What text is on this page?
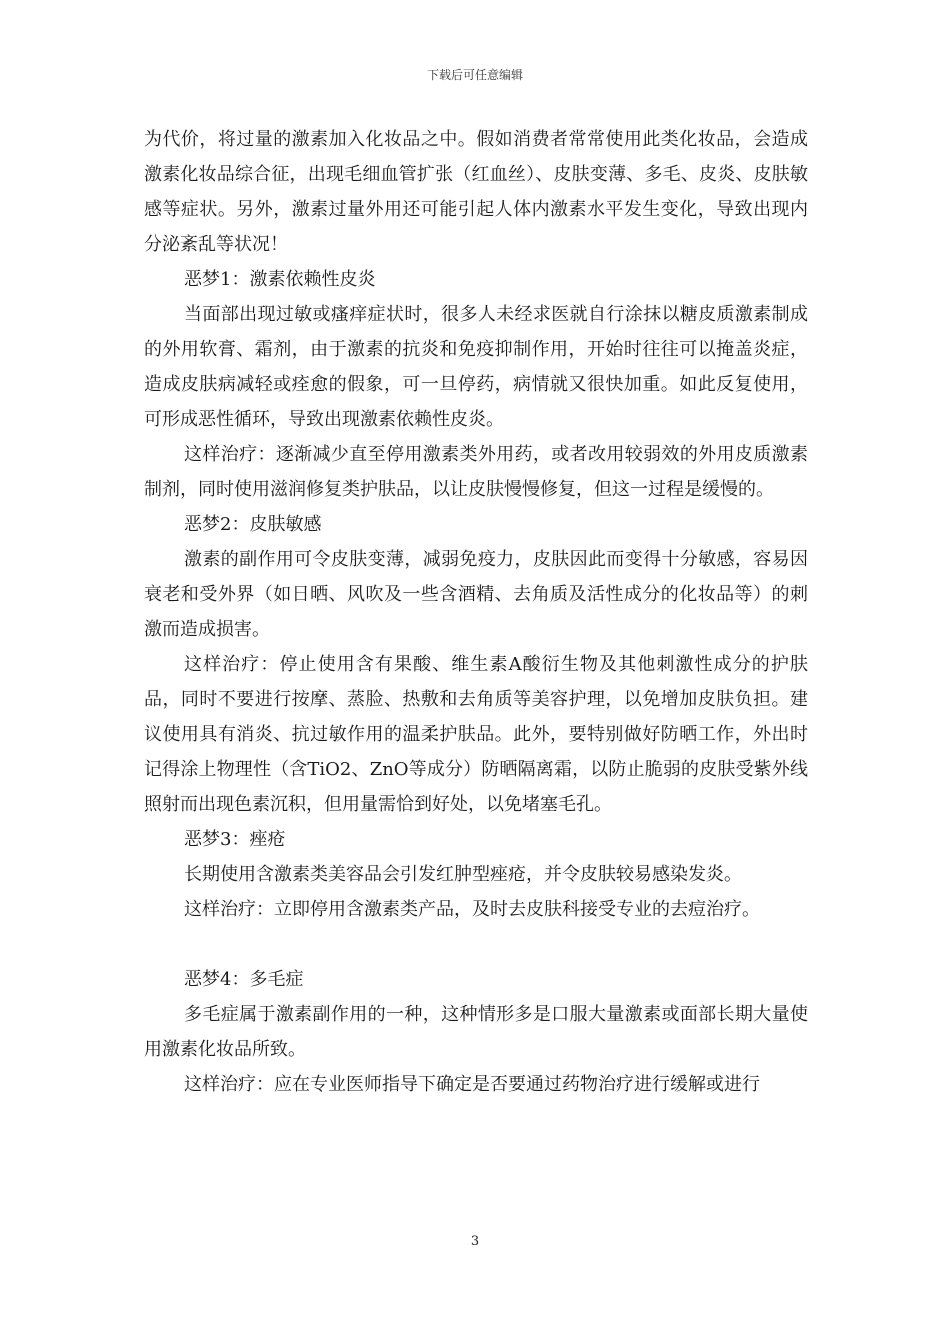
下载后可任意编辑

为代价，将过量的激素加入化妆品之中。假如消费者常常使用此类化妆品，会造成激素化妆品综合征，出现毛细血管扩张（红血丝）、皮肤变薄、多毛、皮炎、皮肤敏感等症状。另外，激素过量外用还可能引起人体内激素水平发生变化，导致出现内分泌紊乱等状况！

恶梦1：激素依赖性皮炎

当面部出现过敏或瘙痒症状时，很多人未经求医就自行涂抹以糖皮质激素制成的外用软膏、霜剂，由于激素的抗炎和免疫抑制作用，开始时往往可以掩盖炎症，造成皮肤病减轻或痊愈的假象，可一旦停药，病情就又很快加重。如此反复使用，可形成恶性循环，导致出现激素依赖性皮炎。

这样治疗：逐渐减少直至停用激素类外用药，或者改用较弱效的外用皮质激素制剂，同时使用滋润修复类护肤品，以让皮肤慢慢修复，但这一过程是缓慢的。

恶梦2：皮肤敏感

激素的副作用可令皮肤变薄，减弱免疫力，皮肤因此而变得十分敏感，容易因衰老和受外界（如日晒、风吹及一些含酒精、去角质及活性成分的化妆品等）的刺激而造成损害。

这样治疗：停止使用含有果酸、维生素A酸衍生物及其他刺激性成分的护肤品，同时不要进行按摩、蒸脸、热敷和去角质等美容护理，以免增加皮肤负担。建议使用具有消炎、抗过敏作用的温柔护肤品。此外，要特别做好防晒工作，外出时记得涂上物理性（含TiO2、ZnO等成分）防晒隔离霜，以防止脆弱的皮肤受紫外线照射而出现色素沉积，但用量需恰到好处，以免堵塞毛孔。

恶梦3：痤疮

长期使用含激素类美容品会引发红肿型痤疮，并令皮肤较易感染发炎。

这样治疗：立即停用含激素类产品，及时去皮肤科接受专业的去痘治疗。

恶梦4：多毛症

多毛症属于激素副作用的一种，这种情形多是口服大量激素或面部长期大量使用激素化妆品所致。

这样治疗：应在专业医师指导下确定是否要通过药物治疗进行缓解或进行

3
